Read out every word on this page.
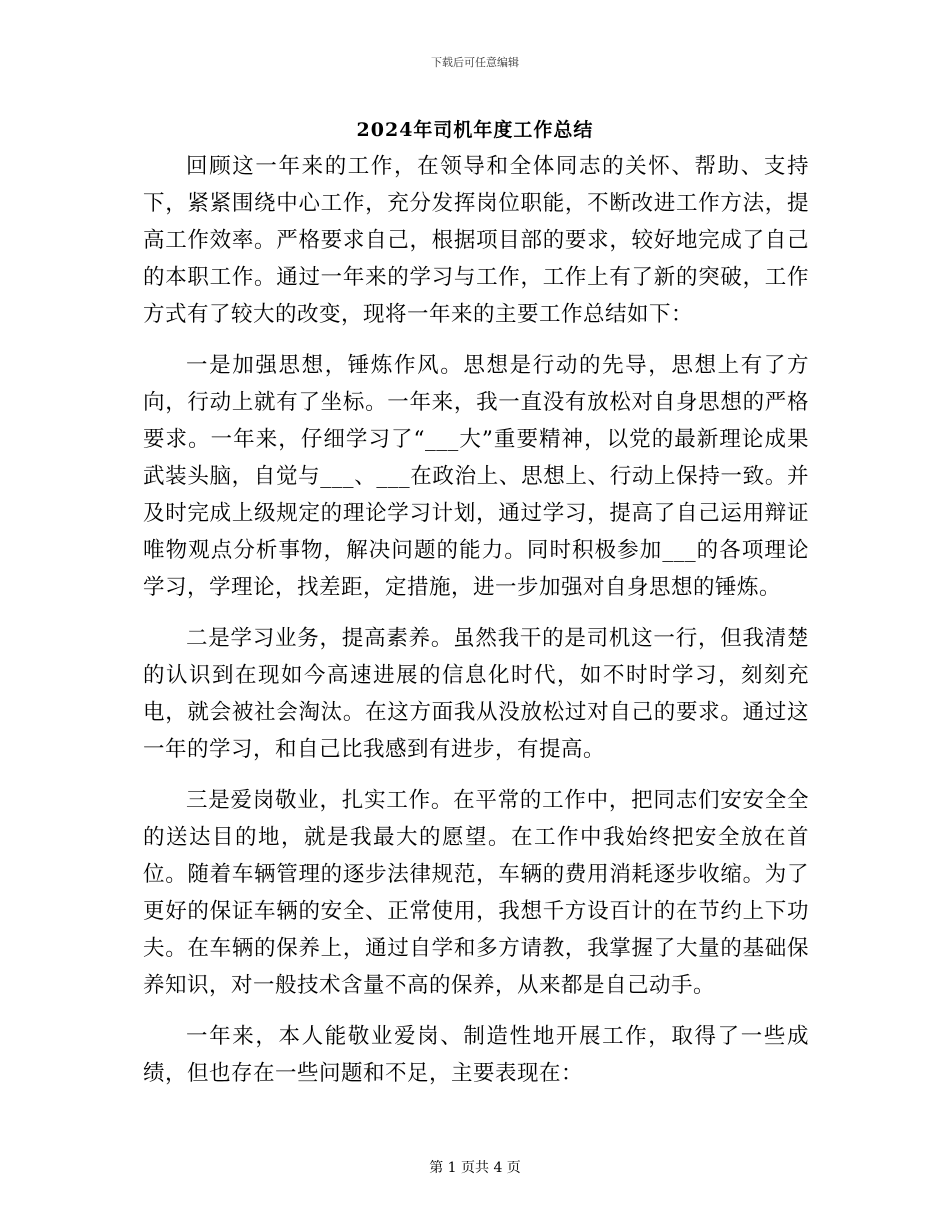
下载后可任意编辑
2024年司机年度工作总结

回顾这一年来的工作，在领导和全体同志的关怀、帮助、支持下，紧紧围绕中心工作，充分发挥岗位职能，不断改进工作方法，提高工作效率。严格要求自己，根据项目部的要求，较好地完成了自己的本职工作。通过一年来的学习与工作，工作上有了新的突破，工作方式有了较大的改变，现将一年来的主要工作总结如下：

一是加强思想，锤炼作风。思想是行动的先导，思想上有了方向，行动上就有了坐标。一年来，我一直没有放松对自身思想的严格要求。一年来，仔细学习了“___大”重要精神，以党的最新理论成果武装头脑，自觉与___、___在政治上、思想上、行动上保持一致。并及时完成上级规定的理论学习计划，通过学习，提高了自己运用辩证唯物观点分析事物，解决问题的能力。同时积极参加___的各项理论学习，学理论，找差距，定措施，进一步加强对自身思想的锤炼。

二是学习业务，提高素养。虽然我干的是司机这一行，但我清楚的认识到在现如今高速进展的信息化时代，如不时时学习，刻刻充电，就会被社会淘汰。在这方面我从没放松过对自己的要求。通过这一年的学习，和自己比我感到有进步，有提高。

三是爱岗敬业，扎实工作。在平常的工作中，把同志们安安全全的送达目的地，就是我最大的愿望。在工作中我始终把安全放在首位。随着车辆管理的逐步法律规范，车辆的费用消耗逐步收缩。为了更好的保证车辆的安全、正常使用，我想千方设百计的在节约上下功夫。在车辆的保养上，通过自学和多方请教，我掌握了大量的基础保养知识，对一般技术含量不高的保养，从来都是自己动手。

一年来，本人能敬业爱岗、制造性地开展工作，取得了一些成绩，但也存在一些问题和不足，主要表现在：

第 1 页共 4 页
